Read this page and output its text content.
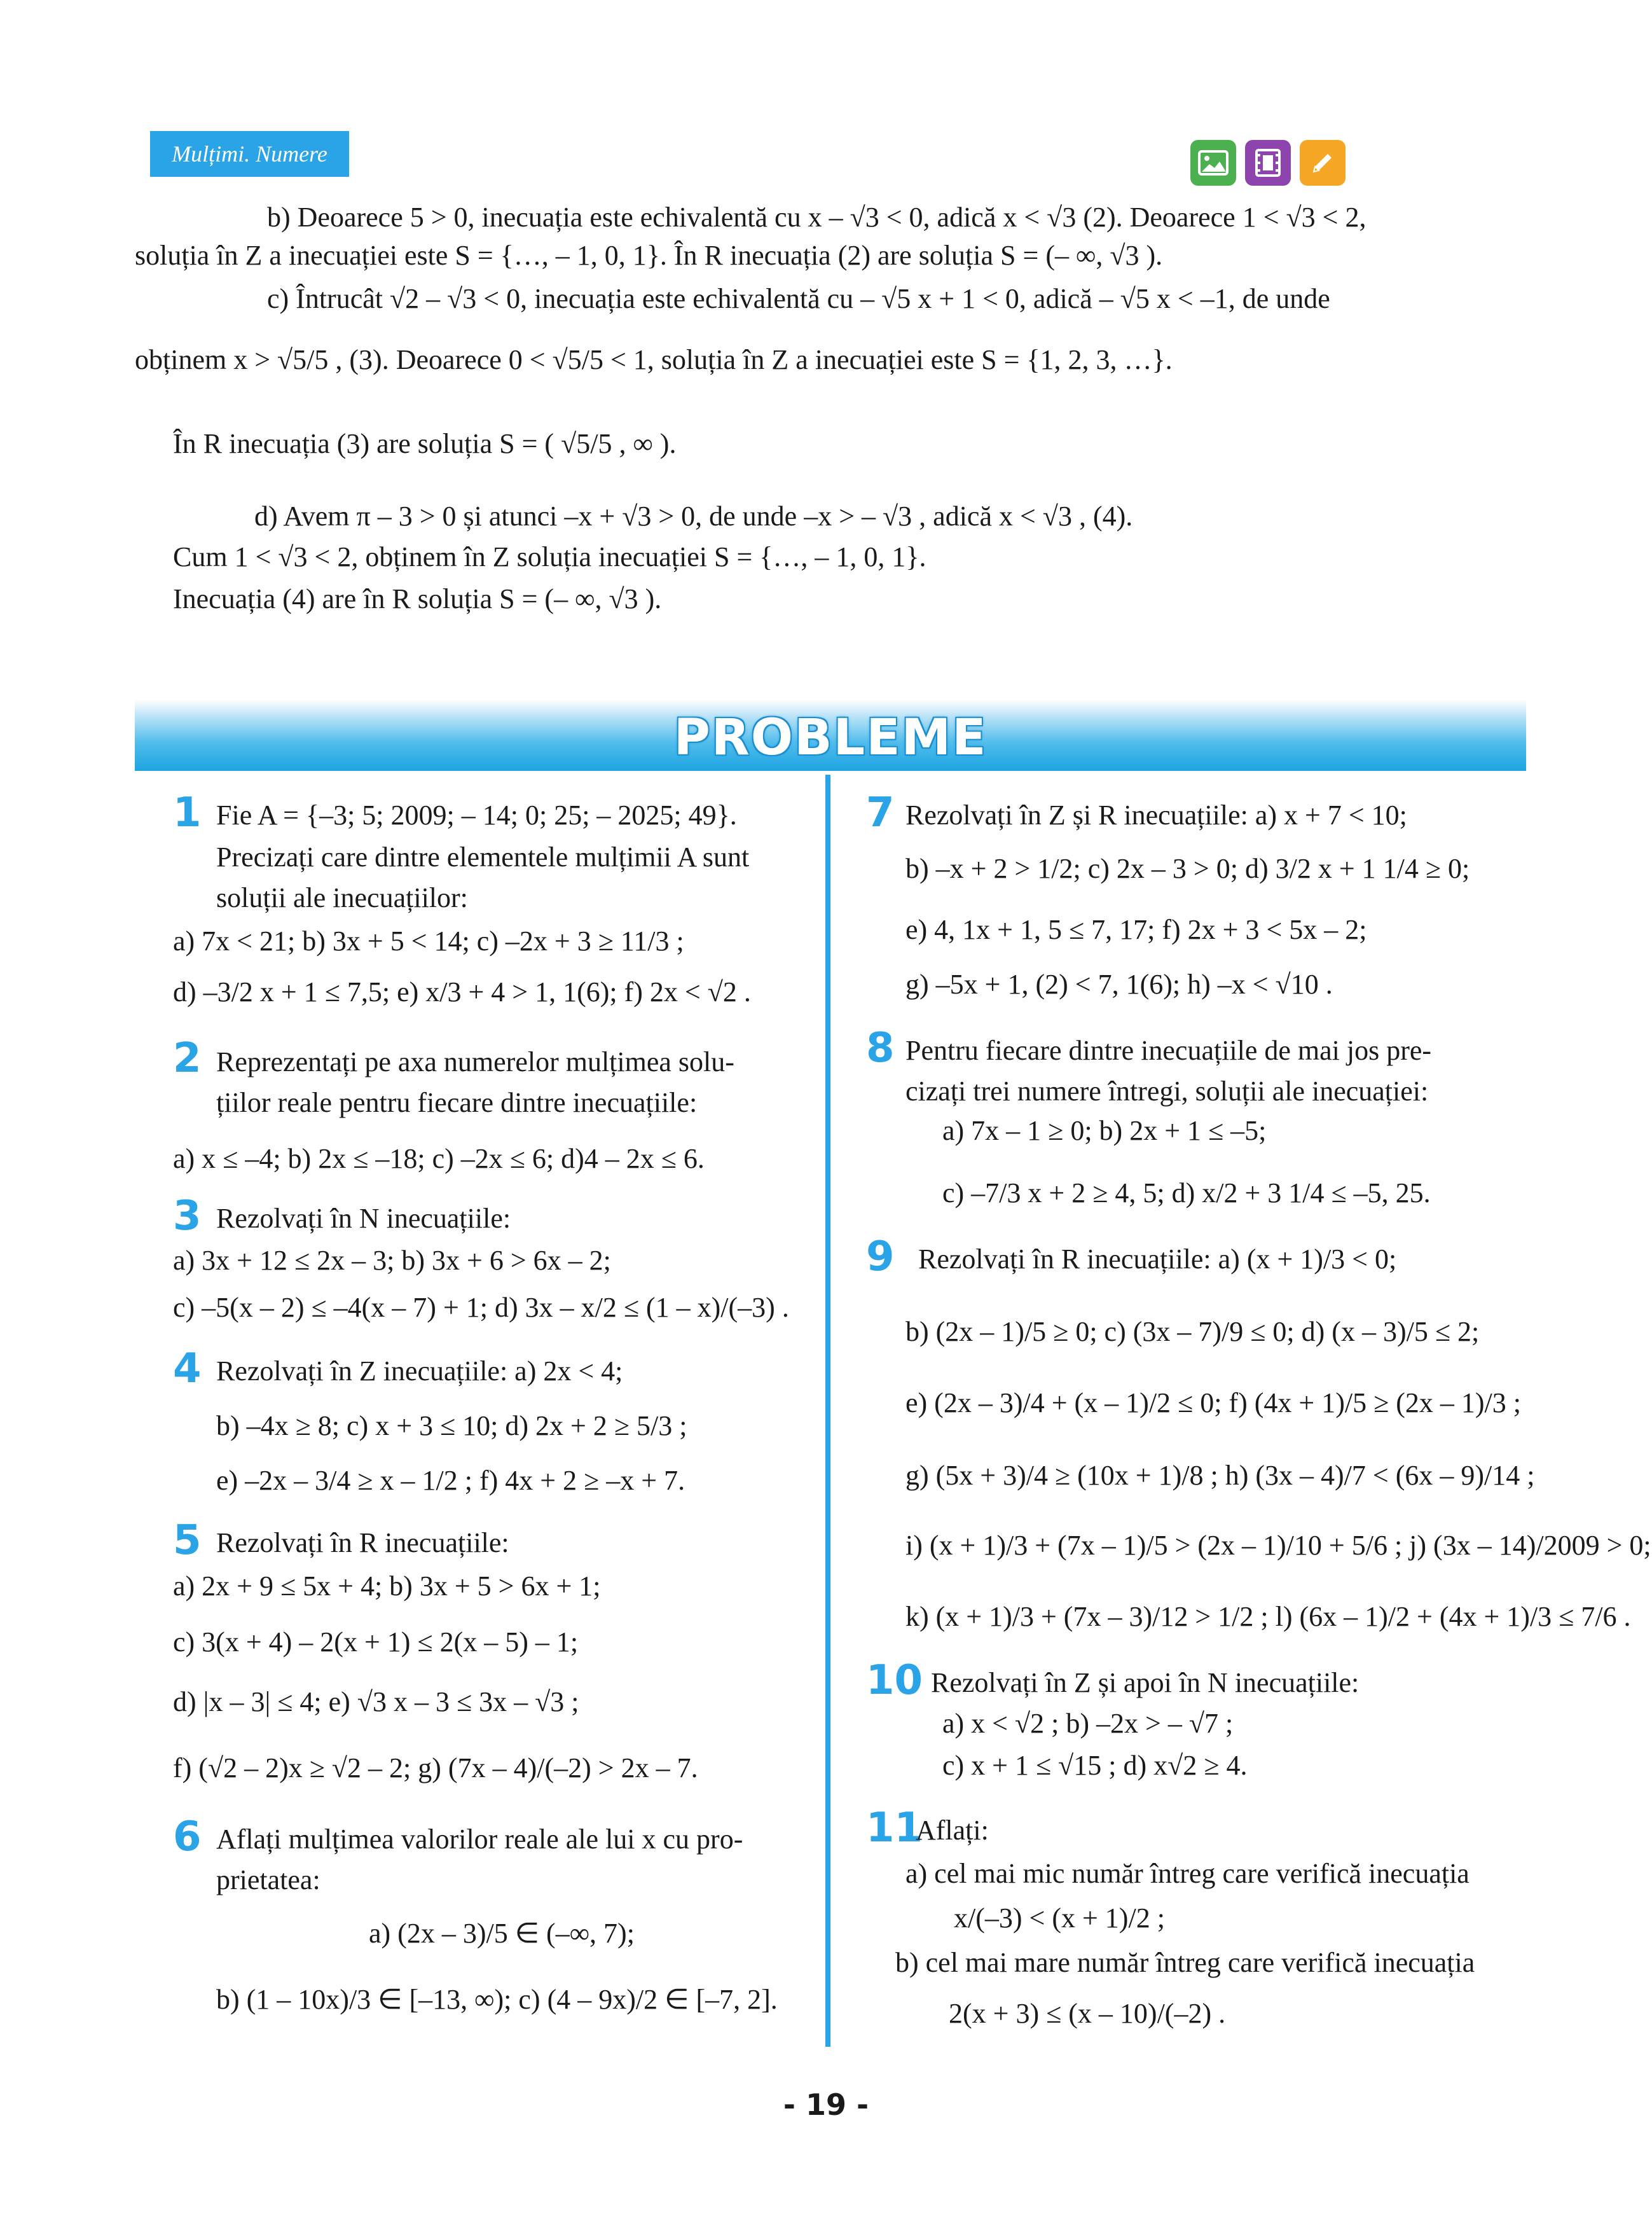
Mulțimi. Numere
b) Deoarece 5 > 0, inecuația este echivalentă cu x – √3 < 0, adică x < √3 (2). Deoarece 1 < √3 < 2,
soluția în Z a inecuației este S = {…, – 1, 0, 1}. În R inecuația (2) are soluția S = (– ∞, √3 ).
c) Întrucât √2 – √3 < 0, inecuația este echivalentă cu – √5 x + 1 < 0, adică – √5 x < –1, de unde
obținem x > √5/5 , (3). Deoarece 0 < √5/5 < 1, soluția în Z a inecuației este S = {1, 2, 3, …}.
În R inecuația (3) are soluția S = ( √5/5 , ∞ ).
d) Avem π – 3 > 0 și atunci –x + √3 > 0, de unde –x > – √3 , adică x < √3 , (4).
Cum 1 < √3 < 2, obținem în Z soluția inecuației S = {…, – 1, 0, 1}.
Inecuația (4) are în R soluția S = (– ∞, √3 ).
PROBLEME
1 Fie A = {–3; 5; 2009; – 14; 0; 25; – 2025; 49}.
Precizați care dintre elementele mulțimii A sunt
soluții ale inecuațiilor:
a) 7x < 21; b) 3x + 5 < 14; c) –2x + 3 ≥ 11/3 ;
d) –3/2 x + 1 ≤ 7,5; e) x/3 + 4 > 1, 1(6); f) 2x < √2 .
2 Reprezentați pe axa numerelor mulțimea solu-
țiilor reale pentru fiecare dintre inecuațiile:
a) x ≤ –4; b) 2x ≤ –18; c) –2x ≤ 6; d)4 – 2x ≤ 6.
3 Rezolvați în N inecuațiile:
a) 3x + 12 ≤ 2x – 3; b) 3x + 6 > 6x – 2;
c) –5(x – 2) ≤ –4(x – 7) + 1; d) 3x – x/2 ≤ (1 – x)/(–3) .
4 Rezolvați în Z inecuațiile: a) 2x < 4;
b) –4x ≥ 8; c) x + 3 ≤ 10; d) 2x + 2 ≥ 5/3 ;
e) –2x – 3/4 ≥ x – 1/2 ; f) 4x + 2 ≥ –x + 7.
5 Rezolvați în R inecuațiile:
a) 2x + 9 ≤ 5x + 4; b) 3x + 5 > 6x + 1;
c) 3(x + 4) – 2(x + 1) ≤ 2(x – 5) – 1;
d) |x – 3| ≤ 4; e) √3 x – 3 ≤ 3x – √3 ;
f) (√2 – 2)x ≥ √2 – 2; g) (7x – 4)/(–2) > 2x – 7.
6 Aflați mulțimea valorilor reale ale lui x cu pro-
prietatea:
a) (2x – 3)/5 ∈ (–∞, 7);
b) (1 – 10x)/3 ∈ [–13, ∞); c) (4 – 9x)/2 ∈ [–7, 2].
7 Rezolvați în Z și R inecuațiile: a) x + 7 < 10;
b) –x + 2 > 1/2; c) 2x – 3 > 0; d) 3/2 x + 1 1/4 ≥ 0;
e) 4, 1x + 1, 5 ≤ 7, 17; f) 2x + 3 < 5x – 2;
g) –5x + 1, (2) < 7, 1(6); h) –x < √10 .
8 Pentru fiecare dintre inecuațiile de mai jos pre-
cizați trei numere întregi, soluții ale inecuației:
a) 7x – 1 ≥ 0; b) 2x + 1 ≤ –5;
c) –7/3 x + 2 ≥ 4, 5; d) x/2 + 3 1/4 ≤ –5, 25.
9 Rezolvați în R inecuațiile: a) (x + 1)/3 < 0;
b) (2x – 1)/5 ≥ 0; c) (3x – 7)/9 ≤ 0; d) (x – 3)/5 ≤ 2;
e) (2x – 3)/4 + (x – 1)/2 ≤ 0; f) (4x + 1)/5 ≥ (2x – 1)/3 ;
g) (5x + 3)/4 ≥ (10x + 1)/8 ; h) (3x – 4)/7 < (6x – 9)/14 ;
i) (x + 1)/3 + (7x – 1)/5 > (2x – 1)/10 + 5/6 ; j) (3x – 14)/2009 > 0;
k) (x + 1)/3 + (7x – 3)/12 > 1/2 ; l) (6x – 1)/2 + (4x + 1)/3 ≤ 7/6 .
10 Rezolvați în Z și apoi în N inecuațiile:
a) x < √2 ; b) –2x > – √7 ;
c) x + 1 ≤ √15 ; d) x√2 ≥ 4.
11
Aflați:
a) cel mai mic număr întreg care verifică inecuația
x/(–3) < (x + 1)/2 ;
b) cel mai mare număr întreg care verifică inecuația
2(x + 3) ≤ (x – 10)/(–2) .
- 19 -
